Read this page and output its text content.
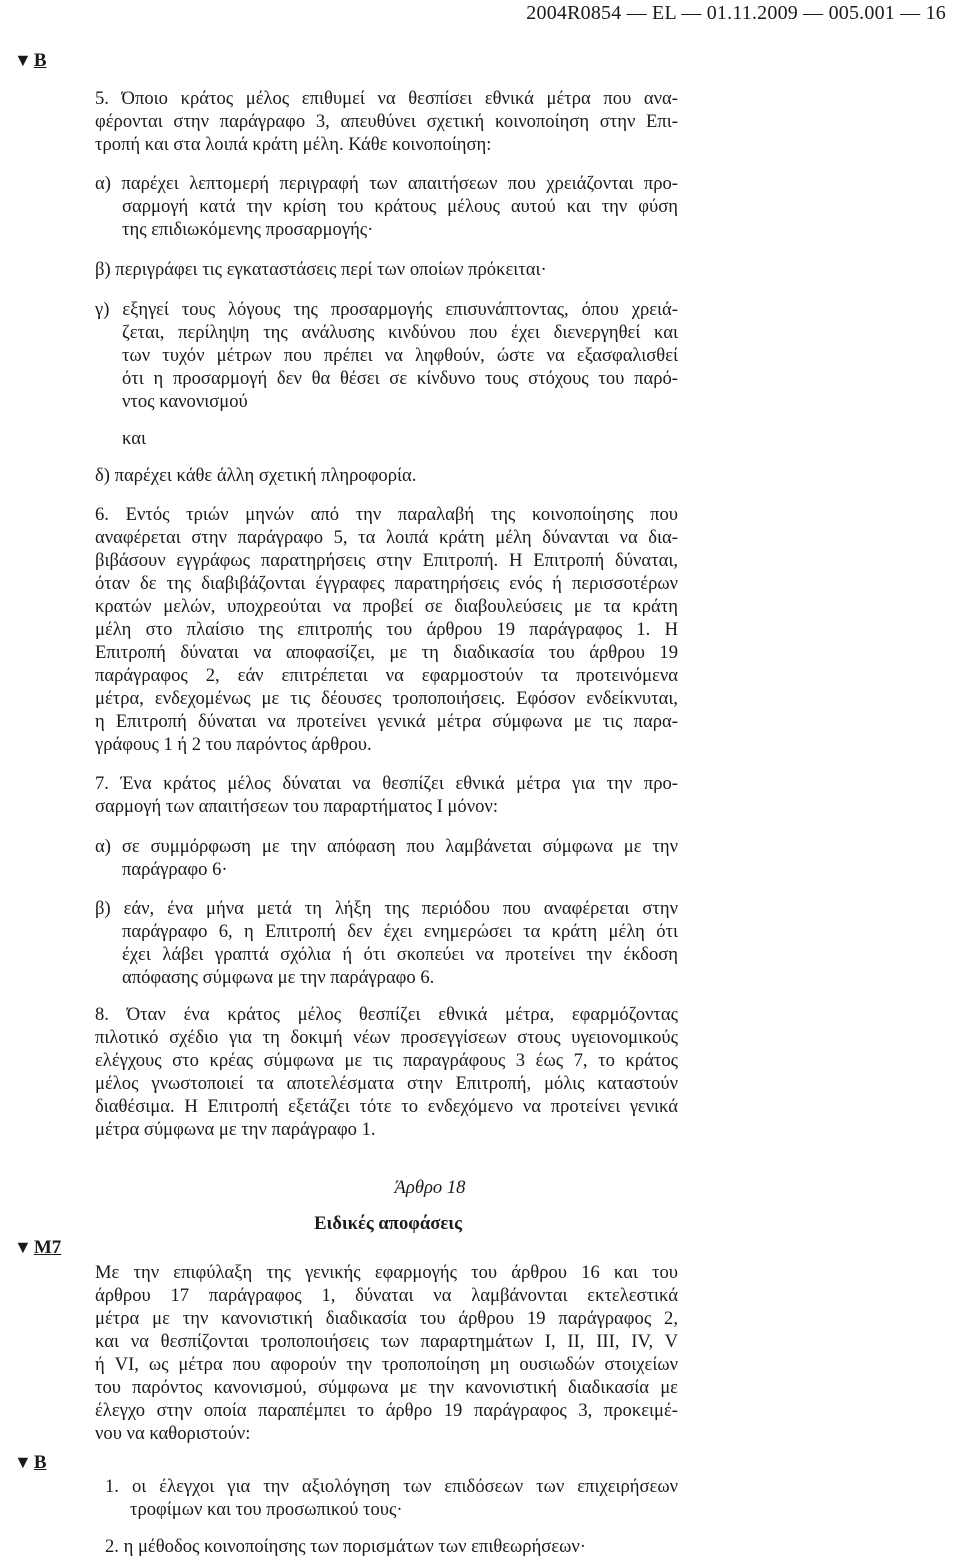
2004R0854 — EL — 01.11.2009 — 005.001 — 16
▼ B
▼ M7
▼ B
5. Όποιο κράτος μέλος επιθυμεί να θεσπίσει εθνικά μέτρα που ανα-
φέρονται στην παράγραφο 3, απευθύνει σχετική κοινοποίηση στην Επι-
τροπή και στα λοιπά κράτη μέλη. Κάθε κοινοποίηση:
α) παρέχει λεπτομερή περιγραφή των απαιτήσεων που χρειάζονται προ-
σαρμογή κατά την κρίση του κράτους μέλους αυτού και την φύση
της επιδιωκόμενης προσαρμογής·
β) περιγράφει τις εγκαταστάσεις περί των οποίων πρόκειται·
γ) εξηγεί τους λόγους της προσαρμογής επισυνάπτοντας, όπου χρειά-
ζεται, περίληψη της ανάλυσης κινδύνου που έχει διενεργηθεί και
των τυχόν μέτρων που πρέπει να ληφθούν, ώστε να εξασφαλισθεί
ότι η προσαρμογή δεν θα θέσει σε κίνδυνο τους στόχους του παρό-
ντος κανονισμού
και
δ) παρέχει κάθε άλλη σχετική πληροφορία.
6. Εντός τριών μηνών από την παραλαβή της κοινοποίησης που
αναφέρεται στην παράγραφο 5, τα λοιπά κράτη μέλη δύνανται να δια-
βιβάσουν εγγράφως παρατηρήσεις στην Επιτροπή. Η Επιτροπή δύναται,
όταν δε της διαβιβάζονται έγγραφες παρατηρήσεις ενός ή περισσοτέρων
κρατών μελών, υποχρεούται να προβεί σε διαβουλεύσεις με τα κράτη
μέλη στο πλαίσιο της επιτροπής του άρθρου 19 παράγραφος 1. Η
Επιτροπή δύναται να αποφασίζει, με τη διαδικασία του άρθρου 19
παράγραφος 2, εάν επιτρέπεται να εφαρμοστούν τα προτεινόμενα
μέτρα, ενδεχομένως με τις δέουσες τροποποιήσεις. Εφόσον ενδείκνυται,
η Επιτροπή δύναται να προτείνει γενικά μέτρα σύμφωνα με τις παρα-
γράφους 1 ή 2 του παρόντος άρθρου.
7. Ένα κράτος μέλος δύναται να θεσπίζει εθνικά μέτρα για την προ-
σαρμογή των απαιτήσεων του παραρτήματος I μόνον:
α) σε συμμόρφωση με την απόφαση που λαμβάνεται σύμφωνα με την
παράγραφο 6·
β) εάν, ένα μήνα μετά τη λήξη της περιόδου που αναφέρεται στην
παράγραφο 6, η Επιτροπή δεν έχει ενημερώσει τα κράτη μέλη ότι
έχει λάβει γραπτά σχόλια ή ότι σκοπεύει να προτείνει την έκδοση
απόφασης σύμφωνα με την παράγραφο 6.
8. Όταν ένα κράτος μέλος θεσπίζει εθνικά μέτρα, εφαρμόζοντας
πιλοτικό σχέδιο για τη δοκιμή νέων προσεγγίσεων στους υγειονομικούς
ελέγχους στο κρέας σύμφωνα με τις παραγράφους 3 έως 7, το κράτος
μέλος γνωστοποιεί τα αποτελέσματα στην Επιτροπή, μόλις καταστούν
διαθέσιμα. Η Επιτροπή εξετάζει τότε το ενδεχόμενο να προτείνει γενικά
μέτρα σύμφωνα με την παράγραφο 1.
Άρθρο 18
Ειδικές αποφάσεις
Με την επιφύλαξη της γενικής εφαρμογής του άρθρου 16 και του
άρθρου 17 παράγραφος 1, δύναται να λαμβάνονται εκτελεστικά
μέτρα με την κανονιστική διαδικασία του άρθρου 19 παράγραφος 2,
και να θεσπίζονται τροποποιήσεις των παραρτημάτων I, II, III, IV, V
ή VI, ως μέτρα που αφορούν την τροποποίηση μη ουσιωδών στοιχείων
του παρόντος κανονισμού, σύμφωνα με την κανονιστική διαδικασία με
έλεγχο στην οποία παραπέμπει το άρθρο 19 παράγραφος 3, προκειμέ-
νου να καθοριστούν:
1. οι έλεγχοι για την αξιολόγηση των επιδόσεων των επιχειρήσεων
τροφίμων και του προσωπικού τους·
2. η μέθοδος κοινοποίησης των πορισμάτων των επιθεωρήσεων·
